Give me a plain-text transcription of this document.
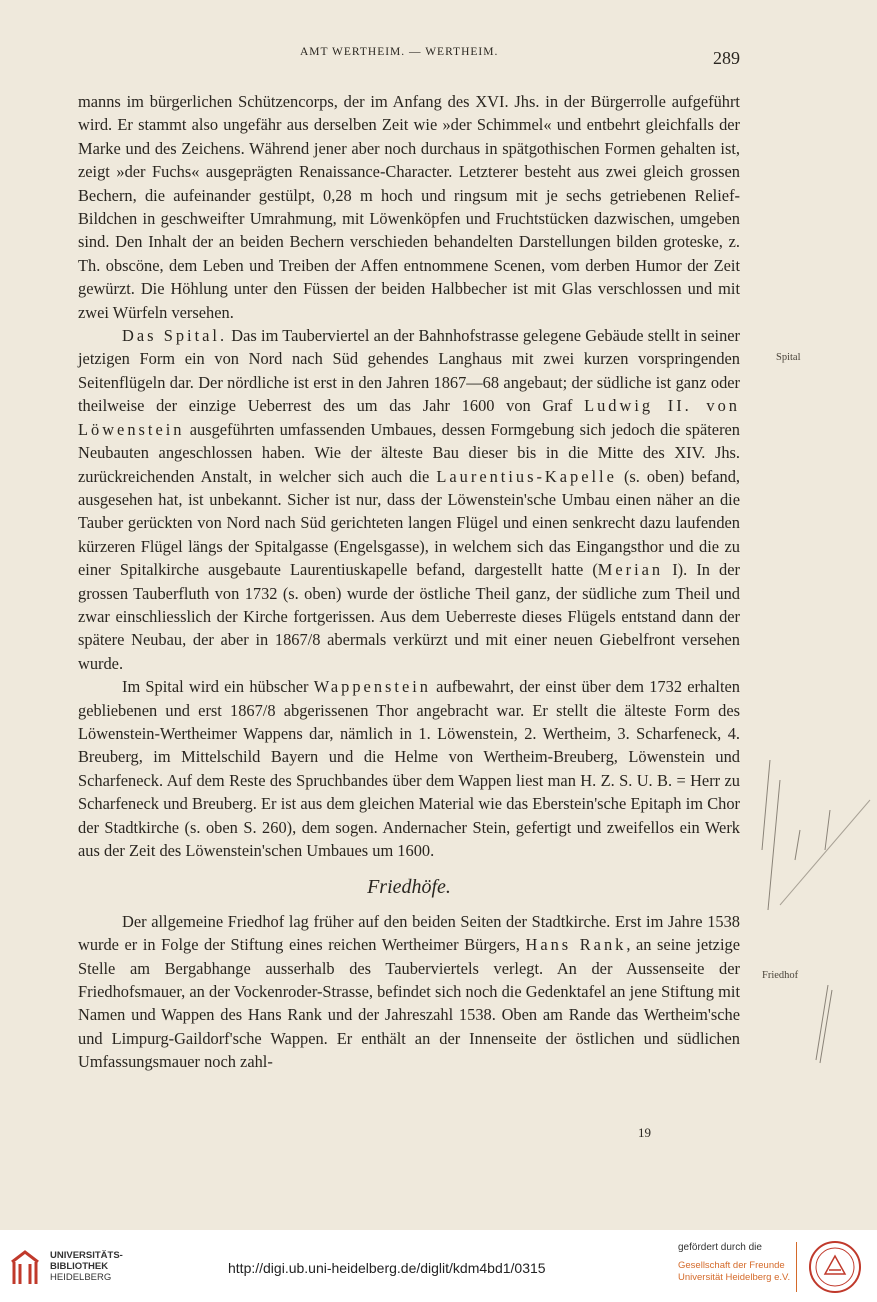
AMT WERTHEIM. — WERTHEIM.	289

manns im bürgerlichen Schützencorps, der im Anfang des XVI. Jhs. in der Bürgerrolle aufgeführt wird. Er stammt also ungefähr aus derselben Zeit wie »der Schimmel« und entbehrt gleichfalls der Marke und des Zeichens. Während jener aber noch durchaus in spätgothischen Formen gehalten ist, zeigt »der Fuchs« ausgeprägten Renaissance-Character. Letzterer besteht aus zwei gleich grossen Bechern, die aufeinander gestülpt, 0,28 m hoch und ringsum mit je sechs getriebenen Relief-Bildchen in geschweifter Umrahmung, mit Löwenköpfen und Fruchtstücken dazwischen, umgeben sind. Den Inhalt der an beiden Bechern verschieden behandelten Darstellungen bilden groteske, z. Th. obscöne, dem Leben und Treiben der Affen entnommene Scenen, vom derben Humor der Zeit gewürzt. Die Höhlung unter den Füssen der beiden Halbbecher ist mit Glas verschlossen und mit zwei Würfeln versehen.

Das Spital. Das im Tauberviertel an der Bahnhofstrasse gelegene Gebäude stellt in seiner jetzigen Form ein von Nord nach Süd gehendes Langhaus mit zwei kurzen vorspringenden Seitenflügeln dar. Der nördliche ist erst in den Jahren 1867—68 angebaut; der südliche ist ganz oder theilweise der einzige Ueberrest des um das Jahr 1600 von Graf Ludwig II. von Löwenstein ausgeführten umfassenden Umbaues, dessen Formgebung sich jedoch die späteren Neubauten angeschlossen haben. Wie der älteste Bau dieser bis in die Mitte des XIV. Jhs. zurückreichenden Anstalt, in welcher sich auch die Laurentius-Kapelle (s. oben) befand, ausgesehen hat, ist unbekannt. Sicher ist nur, dass der Löwenstein'sche Umbau einen näher an die Tauber gerückten von Nord nach Süd gerichteten langen Flügel und einen senkrecht dazu laufenden kürzeren Flügel längs der Spitalgasse (Engelsgasse), in welchem sich das Eingangsthor und die zu einer Spitalkirche ausgebaute Laurentiuskapelle befand, dargestellt hatte (Merian I). In der grossen Tauberfluth von 1732 (s. oben) wurde der östliche Theil ganz, der südliche zum Theil und zwar einschliesslich der Kirche fortgerissen. Aus dem Ueberreste dieses Flügels entstand dann der spätere Neubau, der aber in 1867/8 abermals verkürzt und mit einer neuen Giebelfront versehen wurde.

Im Spital wird ein hübscher Wappenstein aufbewahrt, der einst über dem 1732 erhalten gebliebenen und erst 1867/8 abgerissenen Thor angebracht war. Er stellt die älteste Form des Löwenstein-Wertheimer Wappens dar, nämlich in 1. Löwenstein, 2. Wertheim, 3. Scharfeneck, 4. Breuberg, im Mittelschild Bayern und die Helme von Wertheim-Breuberg, Löwenstein und Scharfeneck. Auf dem Reste des Spruchbandes über dem Wappen liest man H. Z. S. U. B. = Herr zu Scharfeneck und Breuberg. Er ist aus dem gleichen Material wie das Eberstein'sche Epitaph im Chor der Stadtkirche (s. oben S. 260), dem sogen. Andernacher Stein, gefertigt und zweifellos ein Werk aus der Zeit des Löwenstein'schen Umbaues um 1600.

Friedhöfe.

Der allgemeine Friedhof lag früher auf den beiden Seiten der Stadtkirche. Erst im Jahre 1538 wurde er in Folge der Stiftung eines reichen Wertheimer Bürgers, Hans Rank, an seine jetzige Stelle am Bergabhange ausserhalb des Tauberviertels verlegt. An der Aussenseite der Friedhofsmauer, an der Vockenroder-Strasse, befindet sich noch die Gedenktafel an jene Stiftung mit Namen und Wappen des Hans Rank und der Jahreszahl 1538. Oben am Rande das Wertheim'sche und Limpurg-Gaildorf'sche Wappen. Er enthält an der Innenseite der östlichen und südlichen Umfassungsmauer noch zahl-

Spital
Friedhof
19
UNIVERSITÄTS-
BIBLIOTHEK
HEIDELBERG
http://digi.ub.uni-heidelberg.de/diglit/kdm4bd1/0315
gefördert durch die
Gesellschaft der Freunde
Universität Heidelberg e.V.
